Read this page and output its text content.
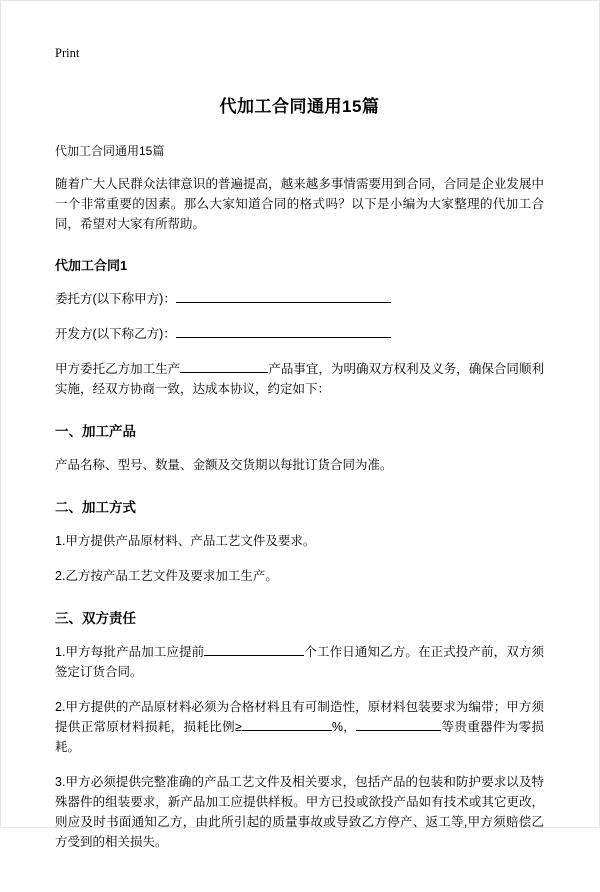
Print
代加工合同通用15篇
代加工合同通用15篇

随着广大人民群众法律意识的普遍提高，越来越多事情需要用到合同，合同是企业发展中一个非常重要的因素。那么大家知道合同的格式吗？以下是小编为大家整理的代加工合同，希望对大家有所帮助。

代加工合同1

委托方(以下称甲方)：

开发方(以下称乙方)：

甲方委托乙方加工生产	产品事宜，为明确双方权利及义务，确保合同顺利实施，经双方协商一致，达成本协议，约定如下：

一、加工产品

产品名称、型号、数量、金额及交货期以每批订货合同为准。

二、加工方式

1.甲方提供产品原材料、产品工艺文件及要求。

2.乙方按产品工艺文件及要求加工生产。

三、双方责任

1.甲方每批产品加工应提前	个工作日通知乙方。在正式投产前，双方须签定订货合同。

2.甲方提供的产品原材料必须为合格材料且有可制造性，原材料包装要求为编带；甲方须提供正常原材料损耗，损耗比例≥	%，	等贵重器件为零损耗。

3.甲方必须提供完整准确的产品工艺文件及相关要求，包括产品的包装和防护要求以及特殊器件的组装要求，新产品加工应提供样板。甲方已投或欲投产品如有技术或其它更改，则应及时书面通知乙方，由此所引起的质量事故或导致乙方停产、返工等,甲方须赔偿乙方受到的相关损失。
